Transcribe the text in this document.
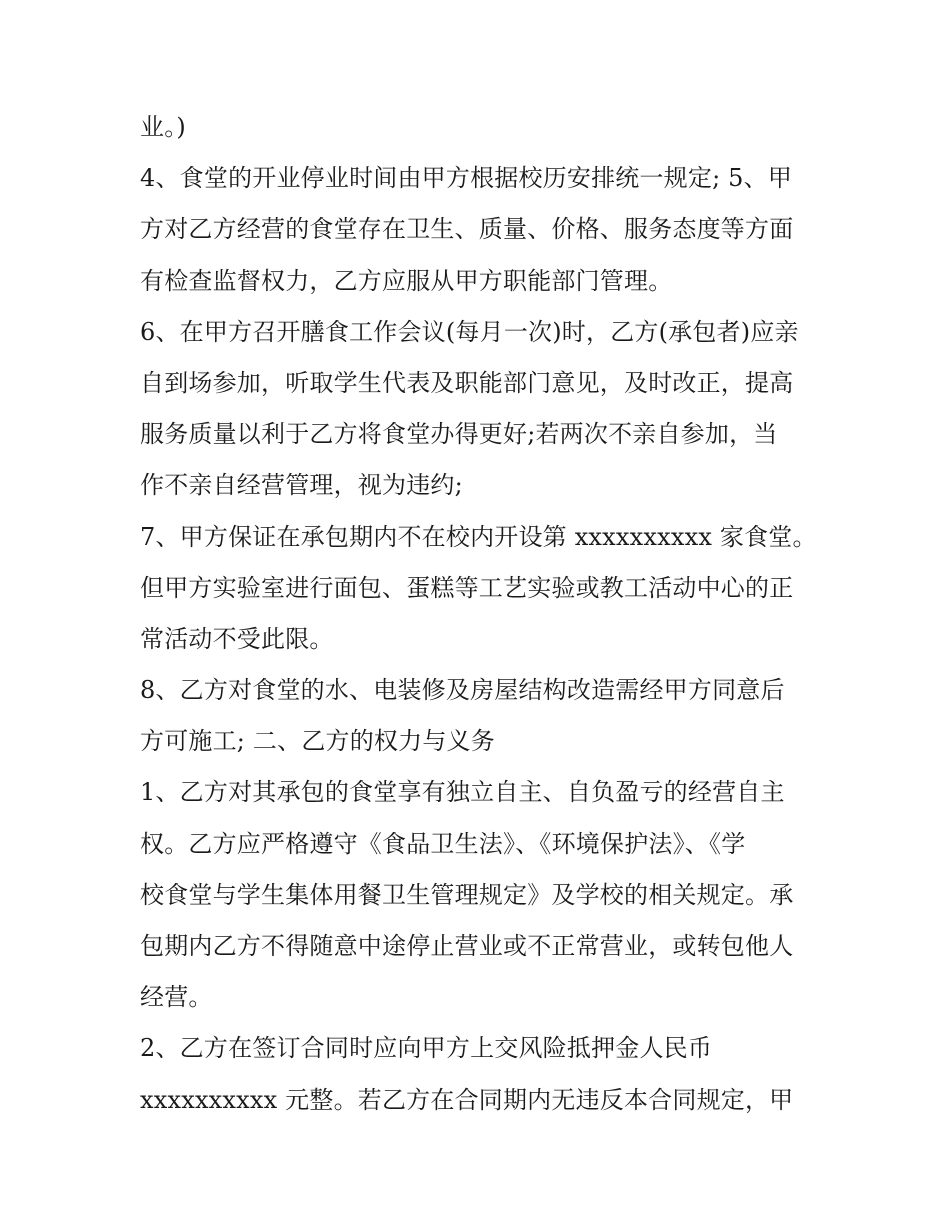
业。)
4、食堂的开业停业时间由甲方根据校历安排统一规定; 5、甲
方对乙方经营的食堂存在卫生、质量、价格、服务态度等方面
有检查监督权力，乙方应服从甲方职能部门管理。
6、在甲方召开膳食工作会议(每月一次)时，乙方(承包者)应亲
自到场参加，听取学生代表及职能部门意见，及时改正，提高
服务质量以利于乙方将食堂办得更好;若两次不亲自参加，当
作不亲自经营管理，视为违约;
7、甲方保证在承包期内不在校内开设第 xxxxxxxxxx 家食堂。
但甲方实验室进行面包、蛋糕等工艺实验或教工活动中心的正
常活动不受此限。
8、乙方对食堂的水、电装修及房屋结构改造需经甲方同意后
方可施工; 二、乙方的权力与义务
1、乙方对其承包的食堂享有独立自主、自负盈亏的经营自主
权。乙方应严格遵守《食品卫生法》、《环境保护法》、《学
校食堂与学生集体用餐卫生管理规定》及学校的相关规定。承
包期内乙方不得随意中途停止营业或不正常营业，或转包他人
经营。
2、乙方在签订合同时应向甲方上交风险抵押金人民币
xxxxxxxxxx 元整。若乙方在合同期内无违反本合同规定，甲
